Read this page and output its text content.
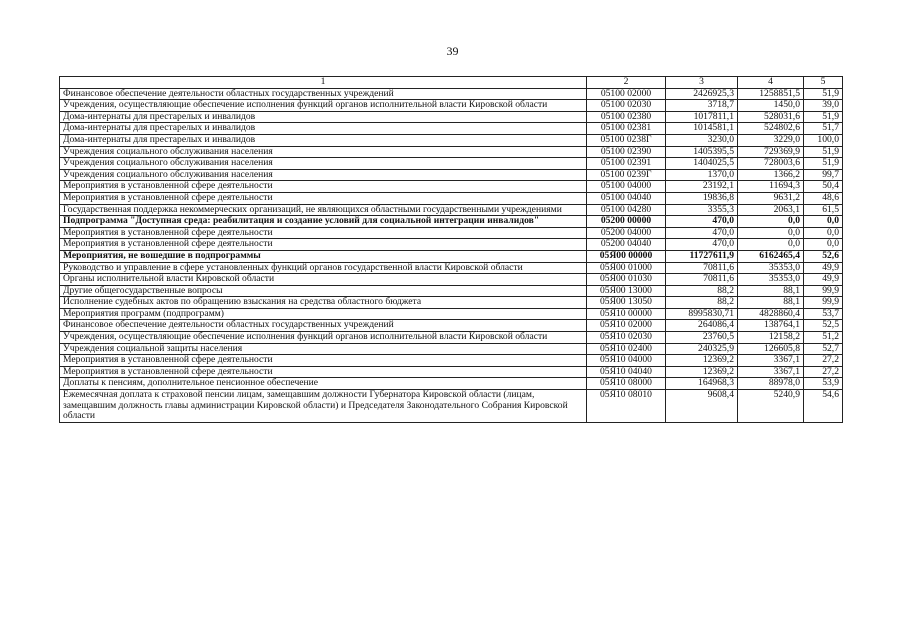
39
1	2	3	4	5
Финансовое обеспечение деятельности областных государственных учреждений	05100 02000	2426925,3	1258851,5	51,9
Учреждения, осуществляющие обеспечение исполнения функций органов исполнительной власти Кировской области	05100 02030	3718,7	1450,0	39,0
Дома-интернаты для престарелых и инвалидов	05100 02380	1017811,1	528031,6	51,9
Дома-интернаты для престарелых и инвалидов	05100 02381	1014581,1	524802,6	51,7
Дома-интернаты для престарелых и инвалидов	05100 0238Г	3230,0	3229,0	100,0
Учреждения социального обслуживания населения	05100 02390	1405395,5	729369,9	51,9
Учреждения социального обслуживания населения	05100 02391	1404025,5	728003,6	51,9
Учреждения социального обслуживания населения	05100 0239Г	1370,0	1366,2	99,7
Мероприятия в установленной сфере деятельности	05100 04000	23192,1	11694,3	50,4
Мероприятия в установленной сфере деятельности	05100 04040	19836,8	9631,2	48,6
Государственная поддержка некоммерческих организаций, не являющихся областными государственными учреждениями	05100 04280	3355,3	2063,1	61,5
Подпрограмма "Доступная среда: реабилитация и создание условий для социальной интеграции инвалидов"	05200 00000	470,0	0,0	0,0
Мероприятия в установленной сфере деятельности	05200 04000	470,0	0,0	0,0
Мероприятия в установленной сфере деятельности	05200 04040	470,0	0,0	0,0
Мероприятия, не вошедшие в подпрограммы	05Я00 00000	11727611,9	6162465,4	52,6
Руководство и управление в сфере установленных функций органов государственной власти Кировской области	05Я00 01000	70811,6	35353,0	49,9
Органы исполнительной власти Кировской области	05Я00 01030	70811,6	35353,0	49,9
Другие общегосударственные вопросы	05Я00 13000	88,2	88,1	99,9
Исполнение судебных актов по обращению взыскания на средства областного бюджета	05Я00 13050	88,2	88,1	99,9
Мероприятия программ (подпрограмм)	05Я10 00000	8995830,71	4828860,4	53,7
Финансовое обеспечение деятельности областных государственных учреждений	05Я10 02000	264086,4	138764,1	52,5
Учреждения, осуществляющие обеспечение исполнения функций органов исполнительной власти Кировской области	05Я10 02030	23760,5	12158,2	51,2
Учреждения социальной защиты населения	05Я10 02400	240325,9	126605,8	52,7
Мероприятия в установленной сфере деятельности	05Я10 04000	12369,2	3367,1	27,2
Мероприятия в установленной сфере деятельности	05Я10 04040	12369,2	3367,1	27,2
Доплаты к пенсиям, дополнительное пенсионное обеспечение	05Я10 08000	164968,3	88978,0	53,9
Ежемесячная доплата к страховой пенсии лицам, замещавшим должности Губернатора Кировской области (лицам, замещавшим должность главы администрации Кировской области) и Председателя Законодательного Собрания Кировской области	05Я10 08010	9608,4	5240,9	54,6
